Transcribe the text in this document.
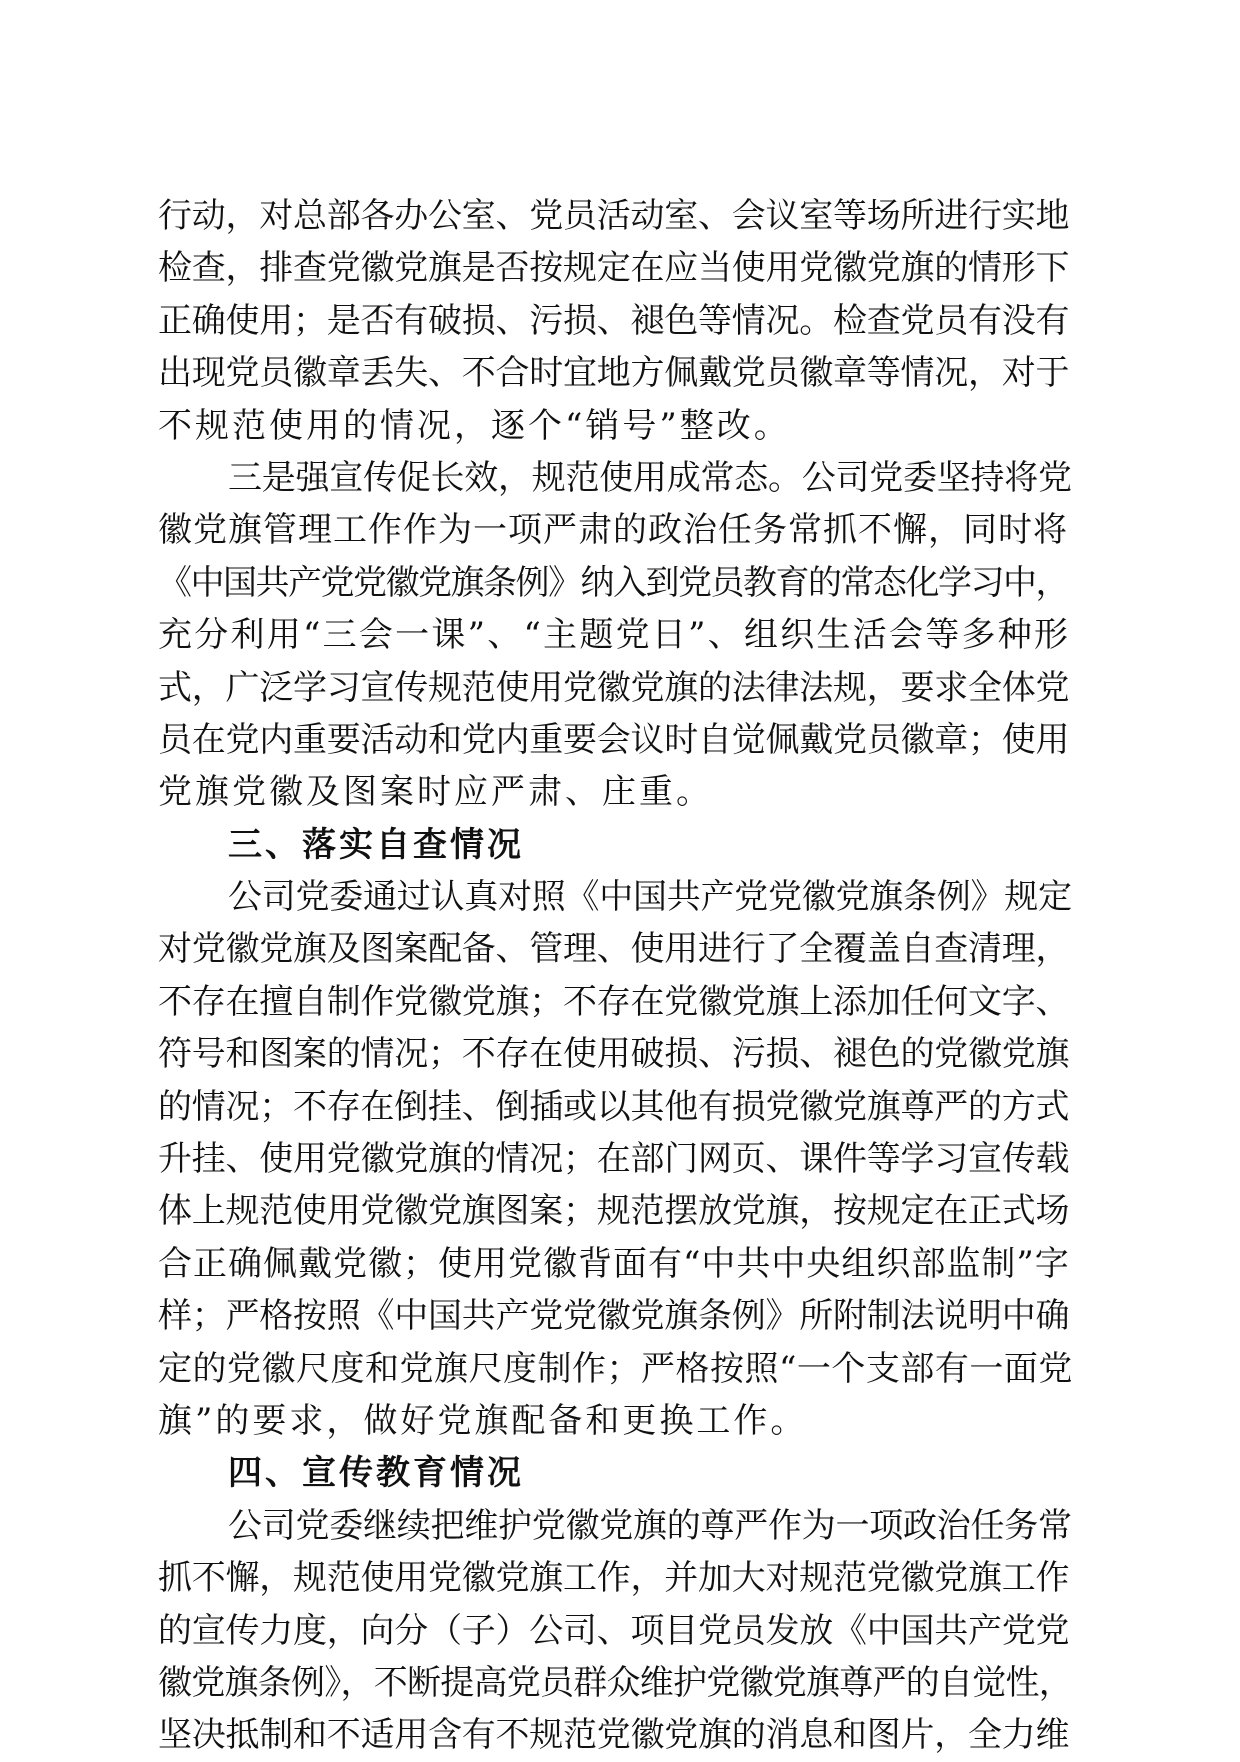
行动，对总部各办公室、党员活动室、会议室等场所进行实地
检查，排查党徽党旗是否按规定在应当使用党徽党旗的情形下
正确使用；是否有破损、污损、褪色等情况。检查党员有没有
出现党员徽章丢失、不合时宜地方佩戴党员徽章等情况，对于
不规范使用的情况，逐个“销号”整改。
三是强宣传促长效，规范使用成常态。公司党委坚持将党
徽党旗管理工作作为一项严肃的政治任务常抓不懈，同时将
《中国共产党党徽党旗条例》纳入到党员教育的常态化学习中，
充分利用“三会一课”、“主题党日”、组织生活会等多种形
式，广泛学习宣传规范使用党徽党旗的法律法规，要求全体党
员在党内重要活动和党内重要会议时自觉佩戴党员徽章；使用
党旗党徽及图案时应严肃、庄重。
三、落实自查情况
公司党委通过认真对照《中国共产党党徽党旗条例》规定
对党徽党旗及图案配备、管理、使用进行了全覆盖自查清理，
不存在擅自制作党徽党旗；不存在党徽党旗上添加任何文字、
符号和图案的情况；不存在使用破损、污损、褪色的党徽党旗
的情况；不存在倒挂、倒插或以其他有损党徽党旗尊严的方式
升挂、使用党徽党旗的情况；在部门网页、课件等学习宣传载
体上规范使用党徽党旗图案；规范摆放党旗，按规定在正式场
合正确佩戴党徽；使用党徽背面有“中共中央组织部监制”字
样；严格按照《中国共产党党徽党旗条例》所附制法说明中确
定的党徽尺度和党旗尺度制作；严格按照“一个支部有一面党
旗”的要求，做好党旗配备和更换工作。
四、宣传教育情况
公司党委继续把维护党徽党旗的尊严作为一项政治任务常
抓不懈，规范使用党徽党旗工作，并加大对规范党徽党旗工作
的宣传力度，向分（子）公司、项目党员发放《中国共产党党
徽党旗条例》，不断提高党员群众维护党徽党旗尊严的自觉性，
坚决抵制和不适用含有不规范党徽党旗的消息和图片，全力维
